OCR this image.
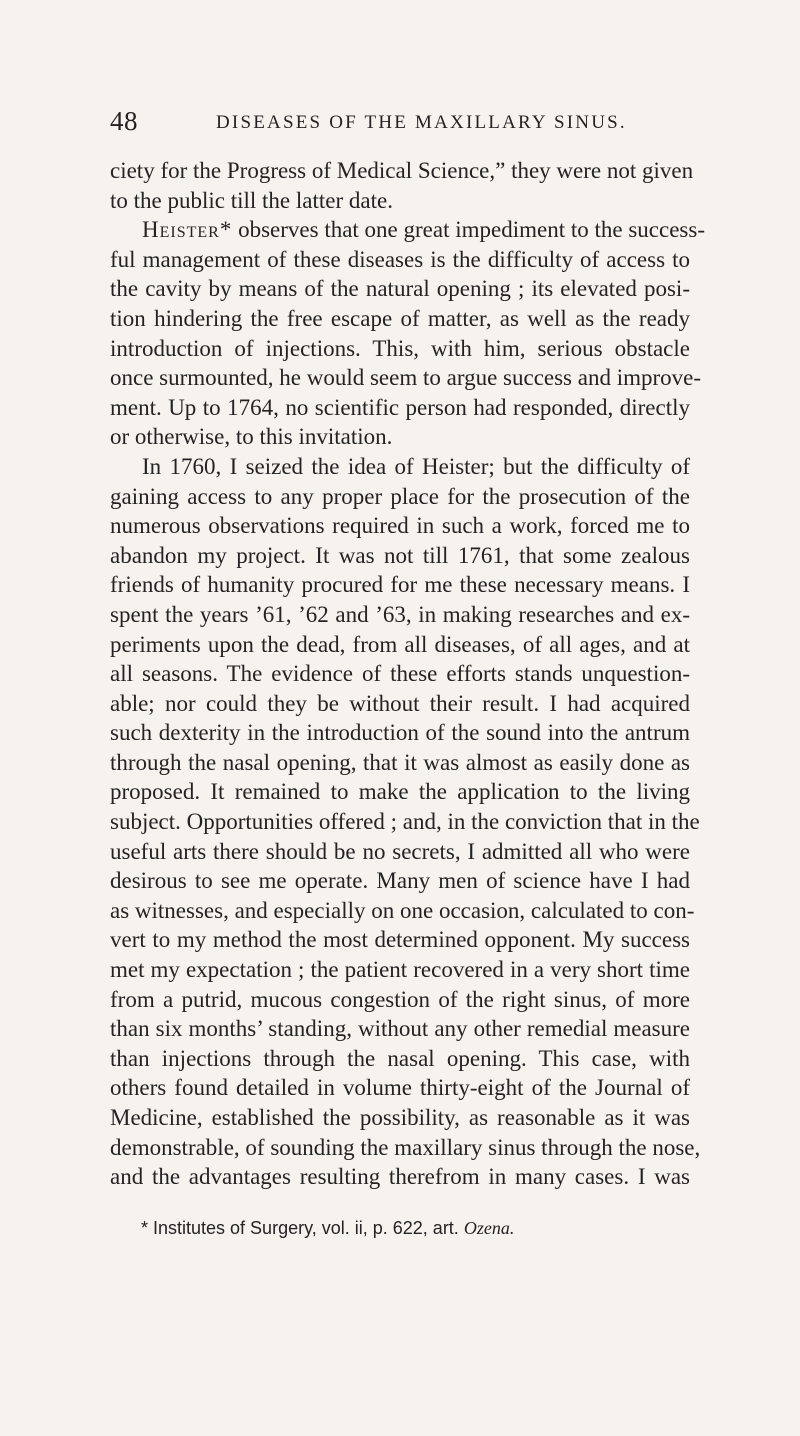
48	DISEASES OF THE MAXILLARY SINUS.
ciety for the Progress of Medical Science,” they were not given
to the public till the latter date.
Heister* observes that one great impediment to the success-
ful management of these diseases is the difficulty of access to
the cavity by means of the natural opening ; its elevated posi-
tion hindering the free escape of matter, as well as the ready
introduction of injections. This, with him, serious obstacle
once surmounted, he would seem to argue success and improve-
ment. Up to 1764, no scientific person had responded, directly
or otherwise, to this invitation.
In 1760, I seized the idea of Heister; but the difficulty of
gaining access to any proper place for the prosecution of the
numerous observations required in such a work, forced me to
abandon my project. It was not till 1761, that some zealous
friends of humanity procured for me these necessary means. I
spent the years ’61, ’62 and ’63, in making researches and ex-
periments upon the dead, from all diseases, of all ages, and at
all seasons. The evidence of these efforts stands unquestion-
able; nor could they be without their result. I had acquired
such dexterity in the introduction of the sound into the antrum
through the nasal opening, that it was almost as easily done as
proposed. It remained to make the application to the living
subject. Opportunities offered ; and, in the conviction that in the
useful arts there should be no secrets, I admitted all who were
desirous to see me operate. Many men of science have I had
as witnesses, and especially on one occasion, calculated to con-
vert to my method the most determined opponent. My success
met my expectation ; the patient recovered in a very short time
from a putrid, mucous congestion of the right sinus, of more
than six months’ standing, without any other remedial measure
than injections through the nasal opening. This case, with
others found detailed in volume thirty-eight of the Journal of
Medicine, established the possibility, as reasonable as it was
demonstrable, of sounding the maxillary sinus through the nose,
and the advantages resulting therefrom in many cases. I was
* Institutes of Surgery, vol. ii, p. 622, art. Ozena.
